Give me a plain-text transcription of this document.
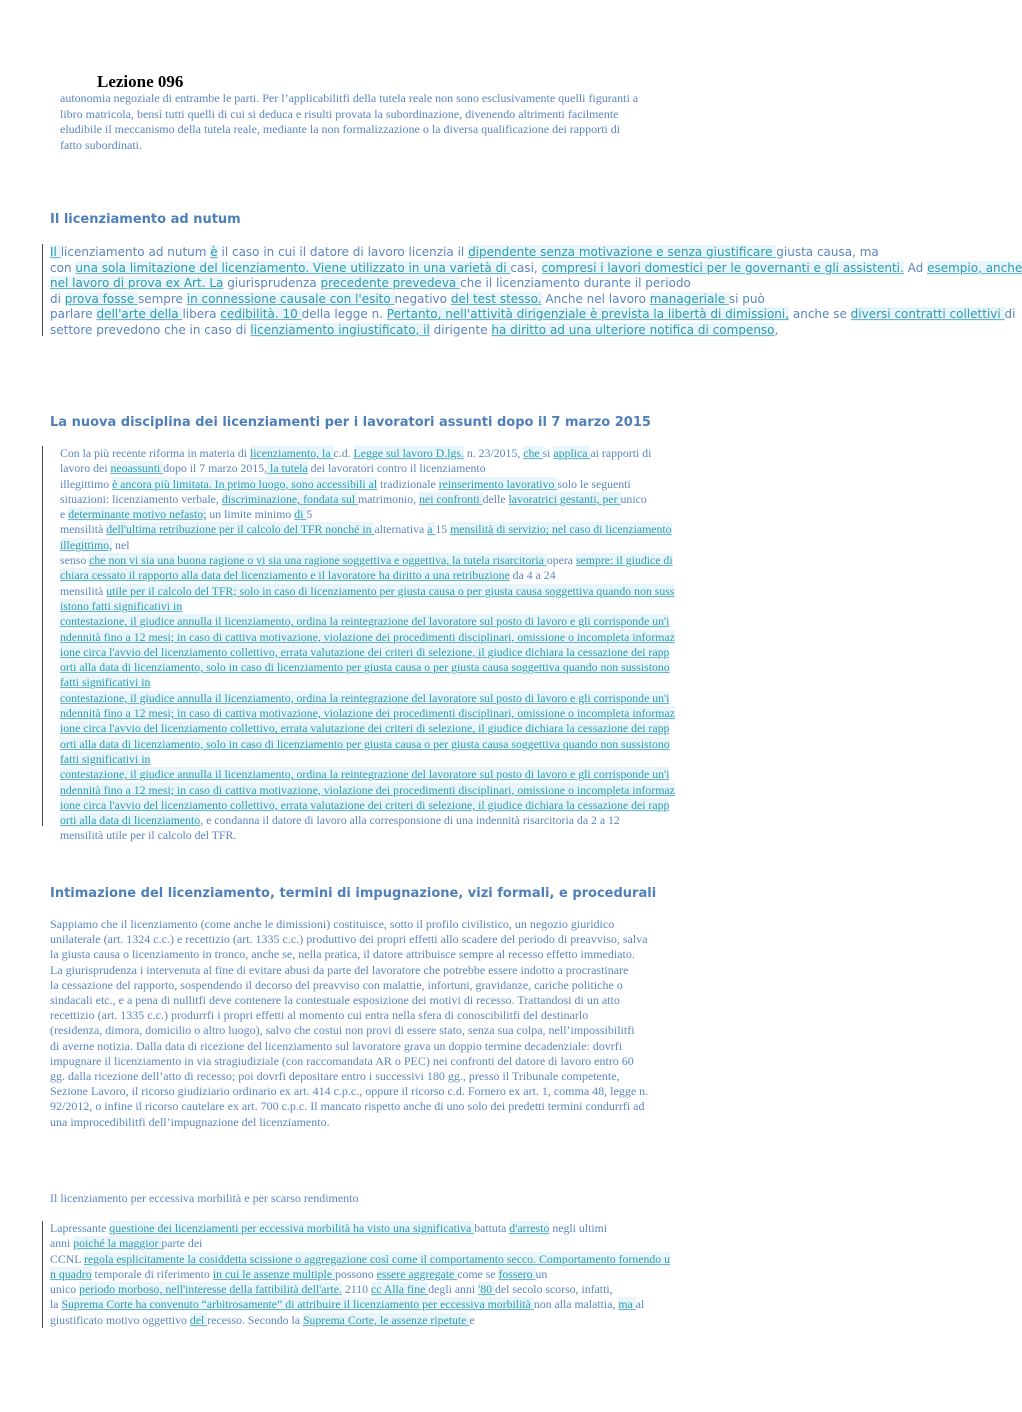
Lezione 096
autonomia negoziale di entrambe le parti. Per l’applicabilitfi della tutela reale non sono esclusivamente quelli figuranti a
libro matricola, bensì tutti quelli di cui si deduca e risulti provata la subordinazione, divenendo altrimenti facilmente
eludibile il meccanismo della tutela reale, mediante la non formalizzazione o la diversa qualificazione dei rapporti di
fatto subordinati.
Il licenziamento ad nutum
Il licenziamento ad nutum è il caso in cui il datore di lavoro licenzia il dipendente senza motivazione e senza giustificare giusta causa, ma
con una sola limitazione del licenziamento. Viene utilizzato in una varietà di casi, compresi i lavori domestici per le governanti e gli assistenti. Ad esempio, anche
nel lavoro di prova ex Art. La giurisprudenza precedente prevedeva che il licenziamento durante il periodo
di prova fosse sempre in connessione causale con l'esito negativo del test stesso. Anche nel lavoro manageriale si può
parlare dell'arte della libera cedibilità. 10 della legge n. Pertanto, nell'attività dirigenziale è prevista la libertà di dimissioni, anche se diversi contratti collettivi di
settore prevedono che in caso di licenziamento ingiustificato, il dirigente ha diritto ad una ulteriore notifica di compenso,
La nuova disciplina dei licenziamenti per i lavoratori assunti dopo il 7 marzo 2015
Con la più recente riforma in materia di licenziamento, la c.d. Legge sul lavoro D.lgs. n. 23/2015, che si applica ai rapporti di
lavoro dei neoassunti dopo il 7 marzo 2015, la tutela dei lavoratori contro il licenziamento
illegittimo è ancora più limitata. In primo luogo, sono accessibili al tradizionale reinserimento lavorativo solo le seguenti
situazioni: licenziamento verbale, discriminazione, fondata sul matrimonio, nei confronti delle lavoratrici gestanti, per unico
e determinante motivo nefasto; un limite minimo di 5
mensilità dell'ultima retribuzione per il calcolo del TFR nonché in alternativa a 15 mensilità di servizio; nel caso di licenziamento
illegittimo, nel
senso che non vi sia una buona ragione o vi sia una ragione soggettiva e oggettiva, la tutela risarcitoria opera sempre: il giudice di
chiara cessato il rapporto alla data del licenziamento e il lavoratore ha diritto a una retribuzione da 4 a 24
mensilità utile per il calcolo del TFR; solo in caso di licenziamento per giusta causa o per giusta causa soggettiva quando non suss
istono fatti significativi in
contestazione, il giudice annulla il licenziamento, ordina la reintegrazione del lavoratore sul posto di lavoro e gli corrisponde un'i
ndennità fino a 12 mesi; in caso di cattiva motivazione, violazione dei procedimenti disciplinari, omissione o incompleta informaz
ione circa l'avvio del licenziamento collettivo, errata valutazione dei criteri di selezione, il giudice dichiara la cessazione dei rapp
orti alla data di licenziamento, solo in caso di licenziamento per giusta causa o per giusta causa soggettiva quando non sussistono
fatti significativi in
contestazione, il giudice annulla il licenziamento, ordina la reintegrazione del lavoratore sul posto di lavoro e gli corrisponde un'i
ndennità fino a 12 mesi; in caso di cattiva motivazione, violazione dei procedimenti disciplinari, omissione o incompleta informaz
ione circa l'avvio del licenziamento collettivo, errata valutazione dei criteri di selezione, il giudice dichiara la cessazione dei rapp
orti alla data di licenziamento, solo in caso di licenziamento per giusta causa o per giusta causa soggettiva quando non sussistono
fatti significativi in
contestazione, il giudice annulla il licenziamento, ordina la reintegrazione del lavoratore sul posto di lavoro e gli corrisponde un'i
ndennità fino a 12 mesi; in caso di cattiva motivazione, violazione dei procedimenti disciplinari, omissione o incompleta informaz
ione circa l'avvio del licenziamento collettivo, errata valutazione dei criteri di selezione, il giudice dichiara la cessazione dei rapp
orti alla data di licenziamento, e condanna il datore di lavoro alla corresponsione di una indennità risarcitoria da 2 a 12
mensilità utile per il calcolo del TFR.
Intimazione del licenziamento, termini di impugnazione, vizi formali, e procedurali
Sappiamo che il licenziamento (come anche le dimissioni) costituisce, sotto il profilo civilistico, un negozio giuridico
unilaterale (art. 1324 c.c.) e recettizio (art. 1335 c.c.) produttivo dei propri effetti allo scadere del periodo di preavviso, salva
la giusta causa o licenziamento in tronco, anche se, nella pratica, il datore attribuisce sempre al recesso effetto immediato.
La giurisprudenza i intervenuta al fine di evitare abusi da parte del lavoratore che potrebbe essere indotto a procrastinare
la cessazione del rapporto, sospendendo il decorso del preavviso con malattie, infortuni, gravidanze, cariche politiche o
sindacali etc., e a pena di nullitfi deve contenere la contestuale esposizione dei motivi di recesso. Trattandosi di un atto
recettizio (art. 1335 c.c.) produrrfi i propri effetti al momento cui entra nella sfera di conoscibilitfi del destinarlo
(residenza, dimora, domicilio o altro luogo), salvo che costui non provi di essere stato, senza sua colpa, nell’impossibilitfi
di averne notizia. Dalla data di ricezione del licenziamento sul lavoratore grava un doppio termine decadenziale: dovrfi
impugnare il licenziamento in via stragiudiziale (con raccomandata AR o PEC) nei confronti del datore di lavoro entro 60
gg. dalla ricezione dell’atto di recesso; poi dovrfi depositare entro i successivi 180 gg., presso il Tribunale competente,
Sezione Lavoro, il ricorso giudiziario ordinario ex art. 414 c.p.c., oppure il ricorso c.d. Fornero ex art. 1, comma 48, legge n.
92/2012, o infine il ricorso cautelare ex art. 700 c.p.c. Il mancato rispetto anche di uno solo dei predetti termini condurrfi ad
una improcedibilitfi dell’impugnazione del licenziamento.
Il licenziamento per eccessiva morbilità e per scarso rendimento
Lapressante questione dei licenziamenti per eccessiva morbilità ha visto una significativa battuta d'arresto negli ultimi
anni poiché la maggior parte dei
CCNL regola esplicitamente la cosiddetta scissione o aggregazione così come il comportamento secco. Comportamento fornendo u
n quadro temporale di riferimento in cui le assenze multiple possono essere aggregate come se fossero un
unico periodo morboso, nell'interesse della fattibilità dell'arte. 2110 cc Alla fine degli anni '80 del secolo scorso, infatti,
la Suprema Corte ha convenuto “arbitrosamente” di attribuire il licenziamento per eccessiva morbilità non alla malattia, ma al
giustificato motivo oggettivo del recesso. Secondo la Suprema Corte, le assenze ripetute e
